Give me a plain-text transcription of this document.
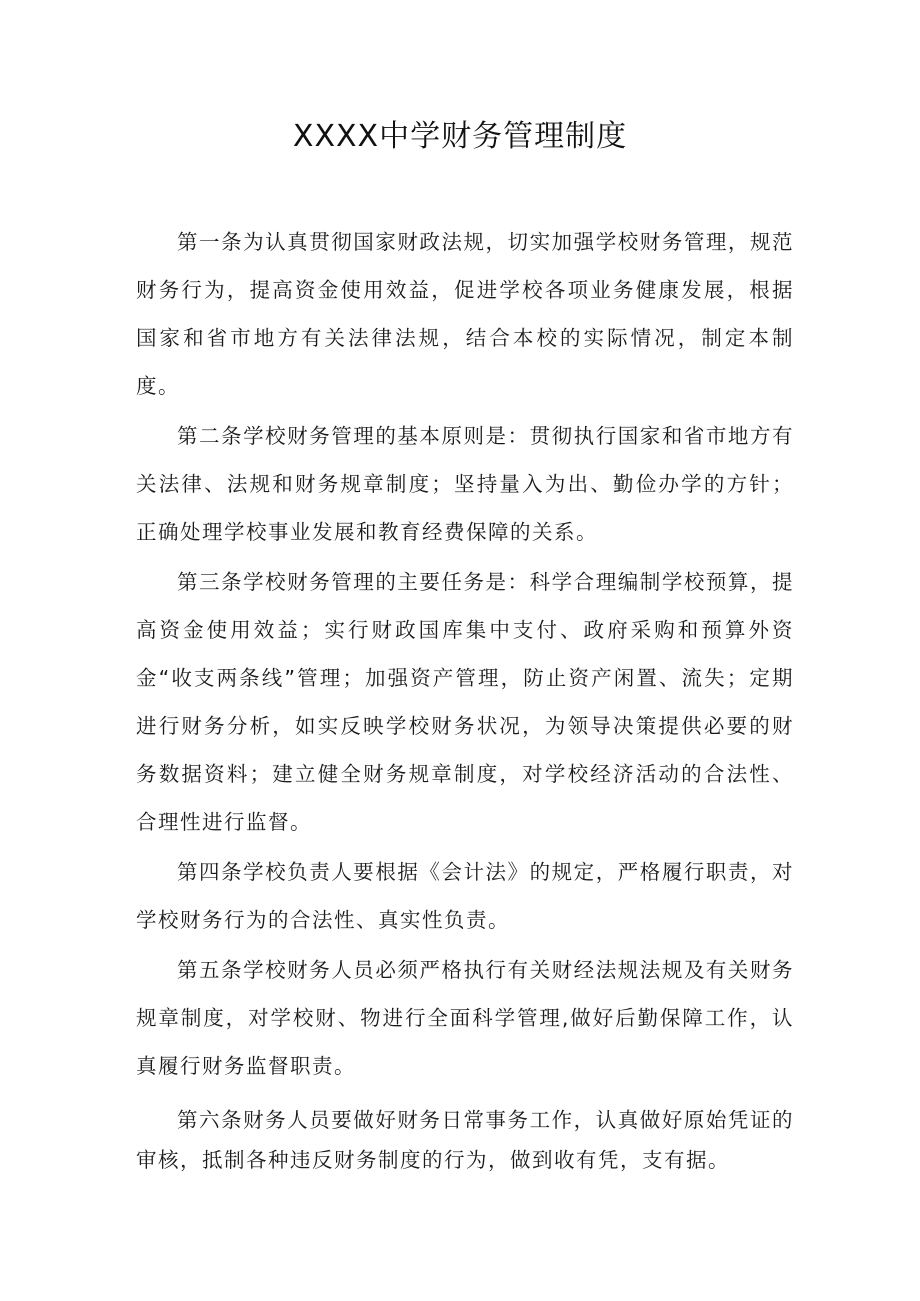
XXXX中学财务管理制度

第一条为认真贯彻国家财政法规，切实加强学校财务管理，规范财务行为，提高资金使用效益，促进学校各项业务健康发展，根据国家和省市地方有关法律法规，结合本校的实际情况，制定本制度。

第二条学校财务管理的基本原则是：贯彻执行国家和省市地方有关法律、法规和财务规章制度；坚持量入为出、勤俭办学的方针；正确处理学校事业发展和教育经费保障的关系。

第三条学校财务管理的主要任务是：科学合理编制学校预算，提高资金使用效益；实行财政国库集中支付、政府采购和预算外资金“收支两条线”管理；加强资产管理，防止资产闲置、流失；定期进行财务分析，如实反映学校财务状况，为领导决策提供必要的财务数据资料；建立健全财务规章制度，对学校经济活动的合法性、合理性进行监督。

第四条学校负责人要根据《会计法》的规定，严格履行职责，对学校财务行为的合法性、真实性负责。

第五条学校财务人员必须严格执行有关财经法规法规及有关财务规章制度，对学校财、物进行全面科学管理,做好后勤保障工作，认真履行财务监督职责。

第六条财务人员要做好财务日常事务工作，认真做好原始凭证的审核，抵制各种违反财务制度的行为，做到收有凭，支有据。
